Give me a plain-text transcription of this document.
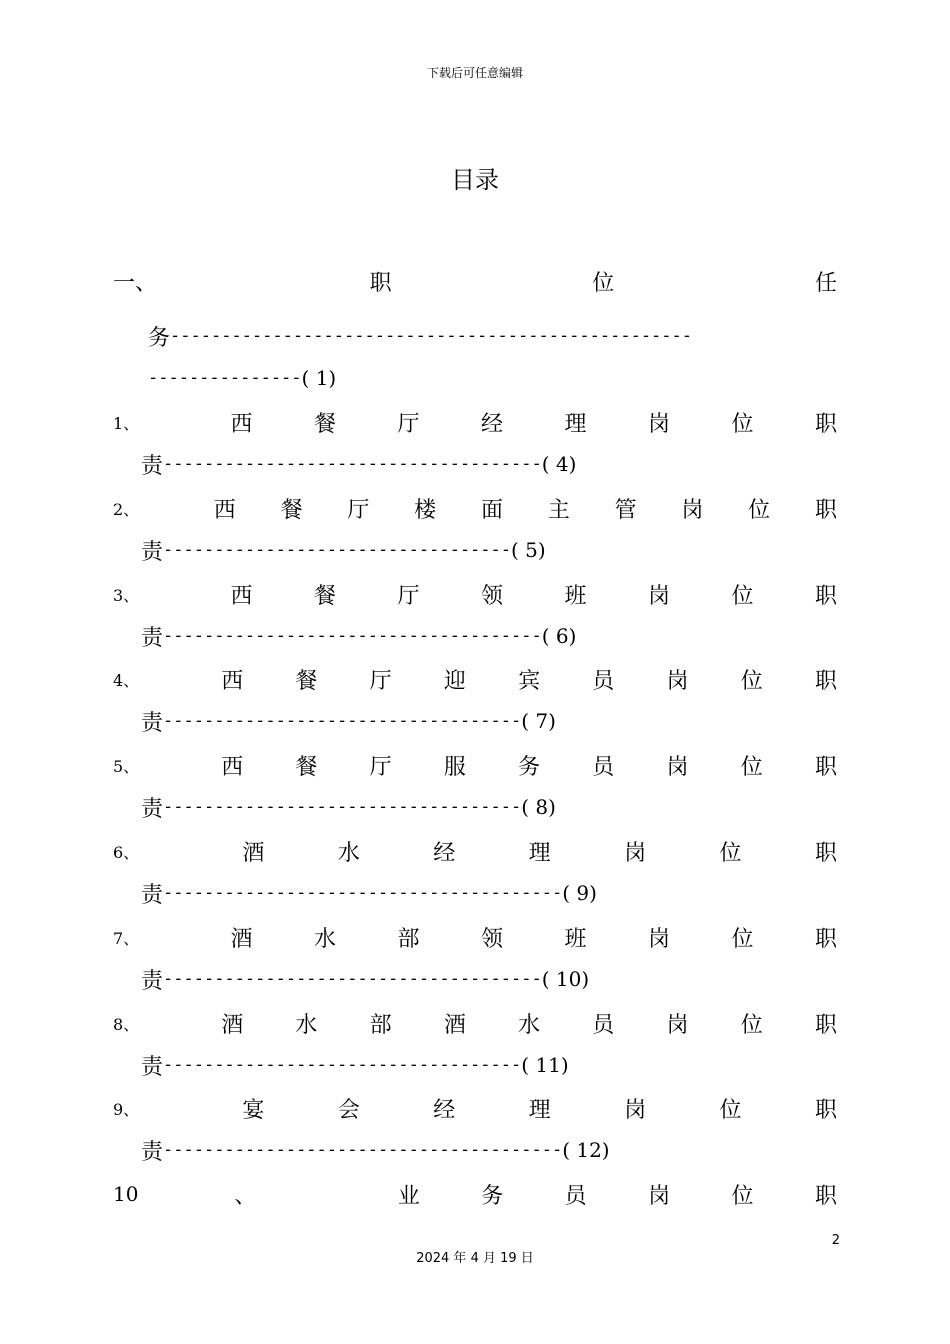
下载后可任意编辑
目录
一、	职	位	任
务 ---------------------------------------------------
--------------- ( 1)
1、	西	餐	厅	经	理	岗	位	职
责 ------------------------------------- ( 4)
2、	西 餐 厅 楼 面 主 管 岗 位 职
责 ---------------------------------- ( 5)
3、	西	餐	厅	领	班	岗	位	职
责 ------------------------------------- ( 6)
4、	西 餐 厅 迎 宾 员 岗 位 职
责 ----------------------------------- ( 7)
5、	西 餐 厅 服 务 员 岗 位 职
责 ----------------------------------- ( 8)
6、	酒	水	经	理	岗	位	职
责 --------------------------------------- ( 9)
7、	酒	水	部	领	班	岗	位	职
责 ------------------------------------- ( 10)
8、	酒 水 部 酒 水 员 岗 位 职
责 ----------------------------------- ( 11)
9、	宴	会	经	理	岗	位	职
责 --------------------------------------- ( 12)
10	、	业	务	员	岗	位	职
2
2024 年 4 月 19 日
